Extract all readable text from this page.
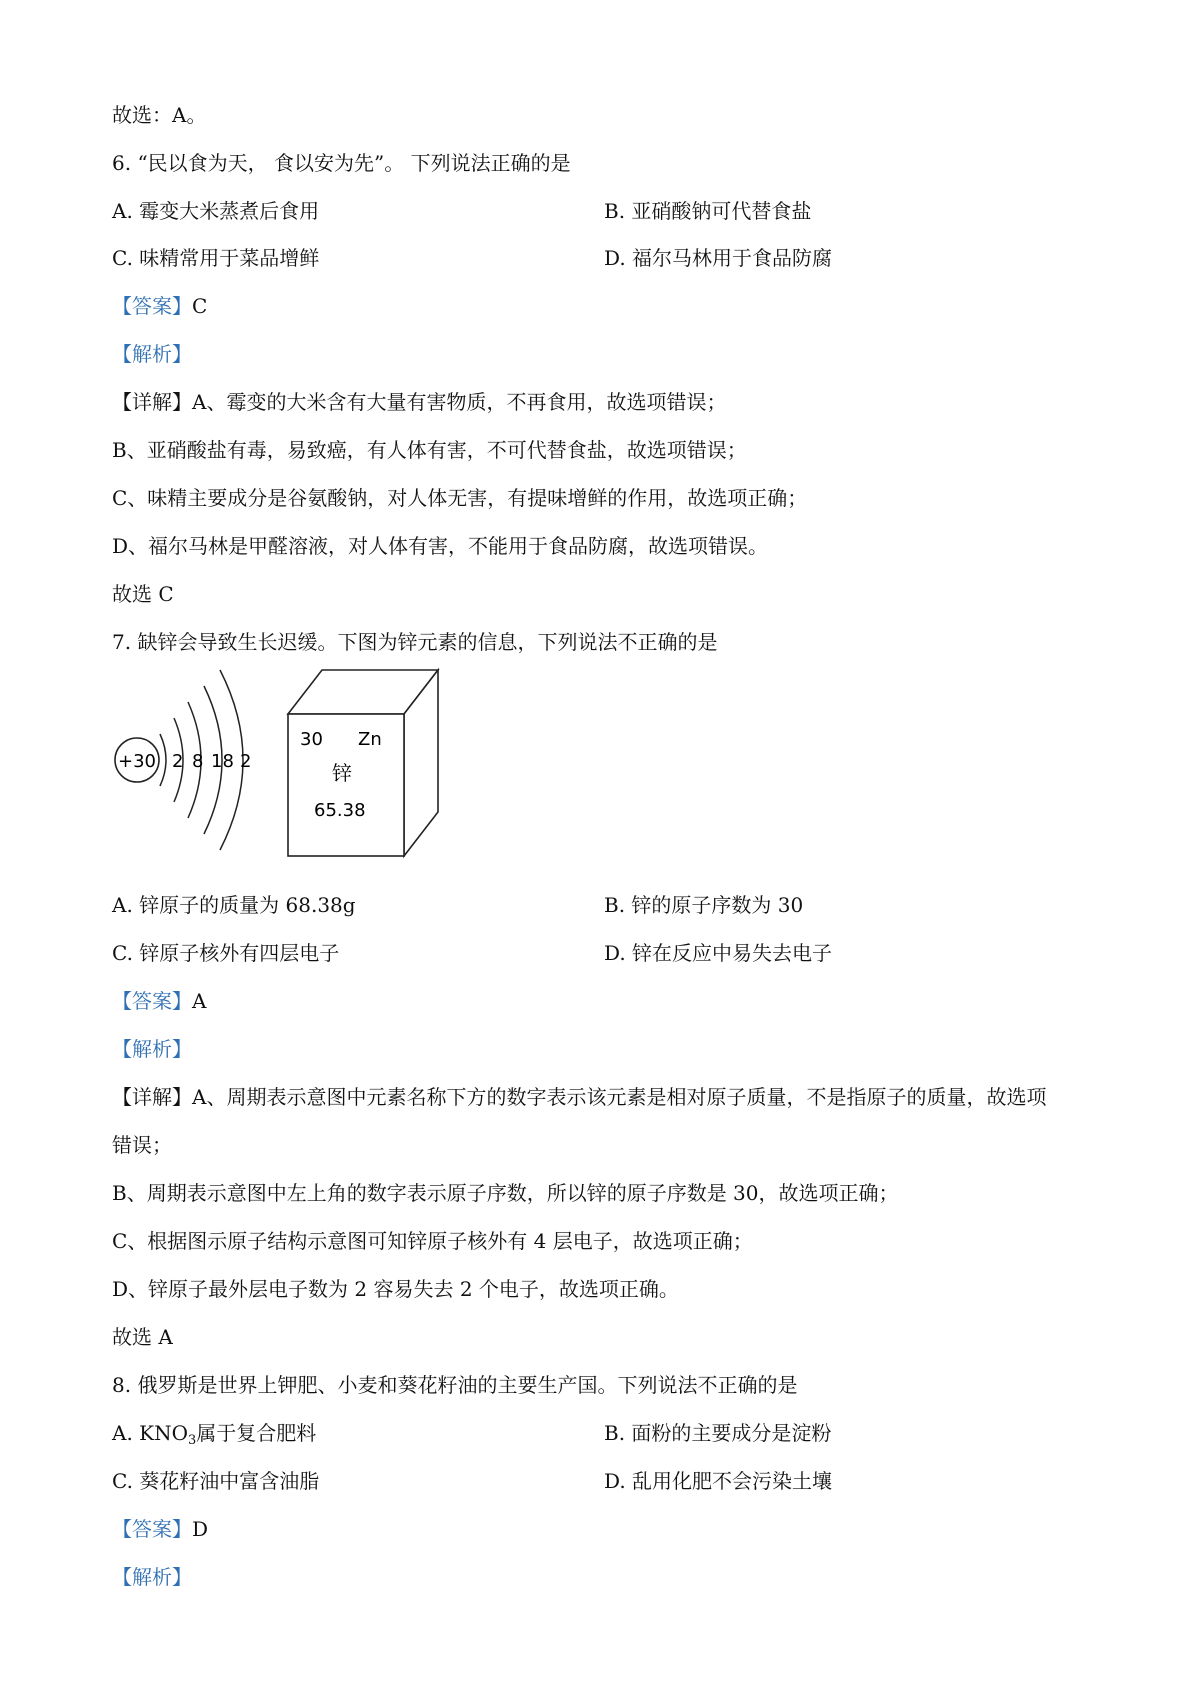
故选：A。
6. “民以食为天， 食以安为先”。 下列说法正确的是
A. 霉变大米蒸煮后食用	B. 亚硝酸钠可代替食盐
C. 味精常用于菜品增鲜	D. 福尔马林用于食品防腐
【答案】C
【解析】
【详解】A、霉变的大米含有大量有害物质，不再食用，故选项错误；
B、亚硝酸盐有毒，易致癌，有人体有害，不可代替食盐，故选项错误；
C、味精主要成分是谷氨酸钠，对人体无害，有提味增鲜的作用，故选项正确；
D、福尔马林是甲醛溶液，对人体有害，不能用于食品防腐，故选项错误。
故选 C
7. 缺锌会导致生长迟缓。下图为锌元素的信息，下列说法不正确的是
+30 2 8 18 2
30 Zn
锌
65.38
A. 锌原子的质量为 68.38g	B. 锌的原子序数为 30
C. 锌原子核外有四层电子	D. 锌在反应中易失去电子
【答案】A
【解析】
【详解】A、周期表示意图中元素名称下方的数字表示该元素是相对原子质量，不是指原子的质量，故选项
错误；
B、周期表示意图中左上角的数字表示原子序数，所以锌的原子序数是 30，故选项正确；
C、根据图示原子结构示意图可知锌原子核外有 4 层电子，故选项正确；
D、锌原子最外层电子数为 2 容易失去 2 个电子，故选项正确。
故选 A
8. 俄罗斯是世界上钾肥、小麦和葵花籽油的主要生产国。下列说法不正确的是
A. $KNO_3$属于复合肥料	B. 面粉的主要成分是淀粉
C. 葵花籽油中富含油脂	D. 乱用化肥不会污染土壤
【答案】D
【解析】
